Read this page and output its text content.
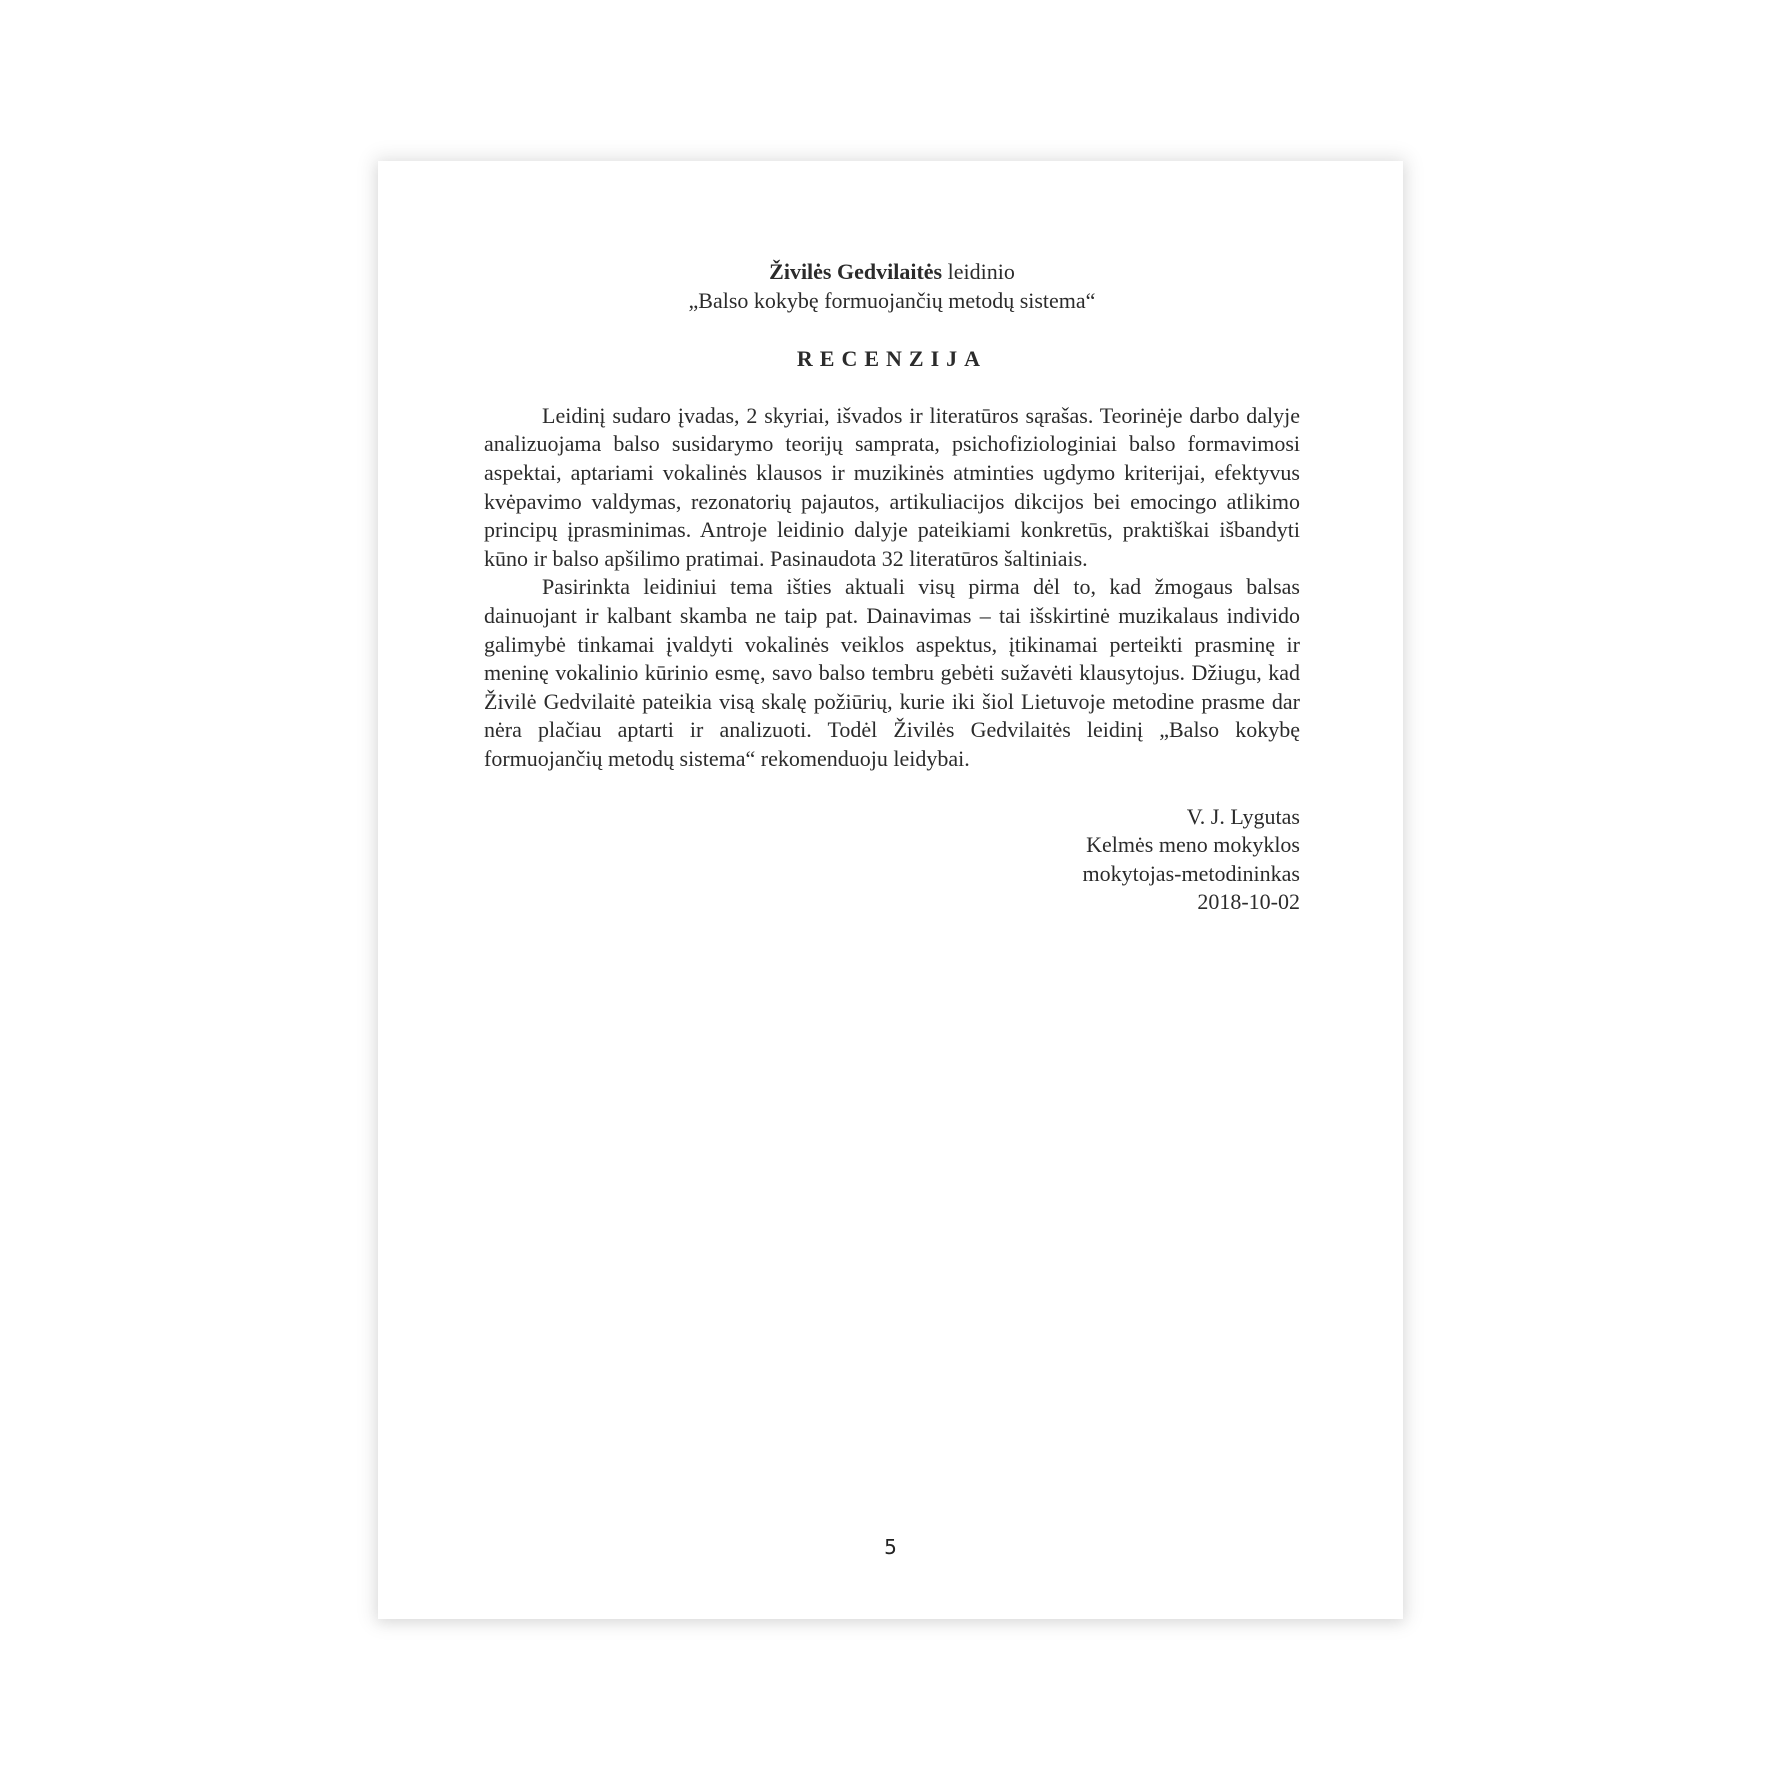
Živilės Gedvilaitės leidinio
„Balso kokybę formuojančių metodų sistema“
RECENZIJA

Leidinį sudaro įvadas, 2 skyriai, išvados ir literatūros sąrašas. Teorinėje darbo dalyje analizuojama balso susidarymo teorijų samprata, psichofiziologiniai balso formavimosi aspektai, aptariami vokalinės klausos ir muzikinės atminties ugdymo kriterijai, efektyvus kvėpavimo valdymas, rezonatorių pajautos, artikuliacijos dikcijos bei emocingo atlikimo principų įprasminimas. Antroje leidinio dalyje pateikiami konkretūs, praktiškai išbandyti kūno ir balso apšilimo pratimai. Pasinaudota 32 literatūros šaltiniais.

Pasirinkta leidiniui tema išties aktuali visų pirma dėl to, kad žmogaus balsas dainuojant ir kalbant skamba ne taip pat. Dainavimas – tai išskirtinė muzikalaus individo galimybė tinkamai įvaldyti vokalinės veiklos aspektus, įtikinamai perteikti prasminę ir meninę vokalinio kūrinio esmę, savo balso tembru gebėti sužavėti klausytojus. Džiugu, kad Živilė Gedvilaitė pateikia visą skalę požiūrių, kurie iki šiol Lietuvoje metodine prasme dar nėra plačiau aptarti ir analizuoti. Todėl Živilės Gedvilaitės leidinį „Balso kokybę formuojančių metodų sistema“ rekomenduoju leidybai.

V. J. Lygutas
Kelmės meno mokyklos
mokytojas-metodininkas
2018-10-02
5
